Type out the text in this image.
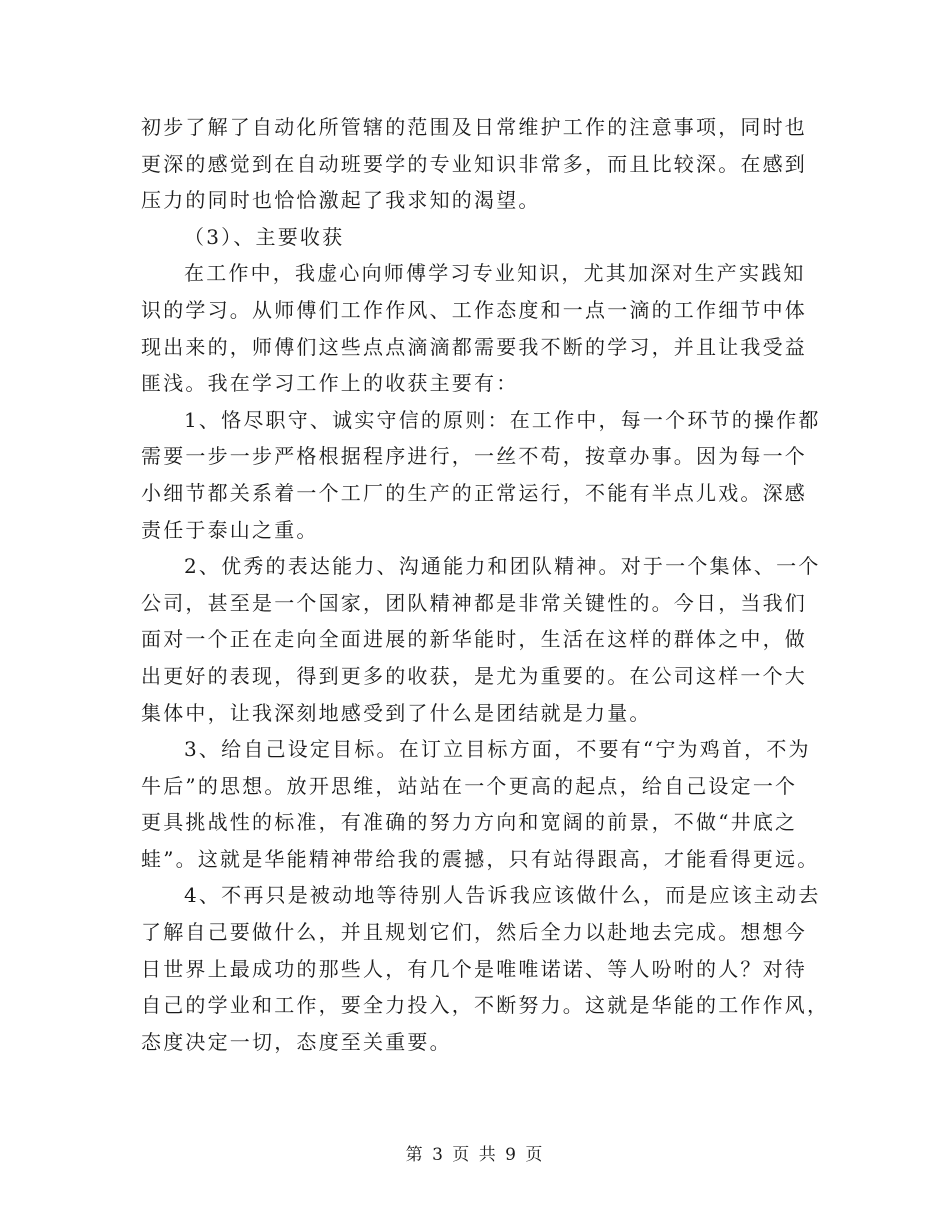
初步了解了自动化所管辖的范围及日常维护工作的注意事项，同时也
更深的感觉到在自动班要学的专业知识非常多，而且比较深。在感到
压力的同时也恰恰激起了我求知的渴望。
（3）、主要收获
在工作中，我虚心向师傅学习专业知识，尤其加深对生产实践知
识的学习。从师傅们工作作风、工作态度和一点一滴的工作细节中体
现出来的，师傅们这些点点滴滴都需要我不断的学习，并且让我受益
匪浅。我在学习工作上的收获主要有：
1、恪尽职守、诚实守信的原则：在工作中，每一个环节的操作都
需要一步一步严格根据程序进行，一丝不苟，按章办事。因为每一个
小细节都关系着一个工厂的生产的正常运行，不能有半点儿戏。深感
责任于泰山之重。
2、优秀的表达能力、沟通能力和团队精神。对于一个集体、一个
公司，甚至是一个国家，团队精神都是非常关键性的。今日，当我们
面对一个正在走向全面进展的新华能时，生活在这样的群体之中，做
出更好的表现，得到更多的收获，是尤为重要的。在公司这样一个大
集体中，让我深刻地感受到了什么是团结就是力量。
3、给自己设定目标。在订立目标方面，不要有“宁为鸡首，不为
牛后”的思想。放开思维，站站在一个更高的起点，给自己设定一个
更具挑战性的标准，有准确的努力方向和宽阔的前景，不做“井底之
蛙”。这就是华能精神带给我的震撼，只有站得跟高，才能看得更远。
4、不再只是被动地等待别人告诉我应该做什么，而是应该主动去
了解自己要做什么，并且规划它们，然后全力以赴地去完成。想想今
日世界上最成功的那些人，有几个是唯唯诺诺、等人吩咐的人？对待
自己的学业和工作，要全力投入，不断努力。这就是华能的工作作风，
态度决定一切，态度至关重要。
第 3 页 共 9 页
